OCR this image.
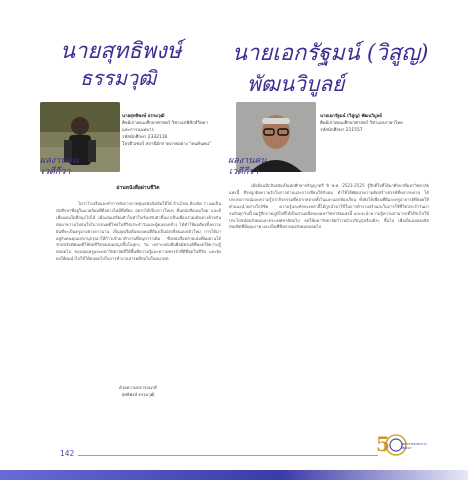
นายสุทธิพงษ์
ธรรมวุฒิ
ผลงานคน
เวดีกีวา
นายสุทธิพงษ์ ธรรมวุฒิ
ศิษย์เก่าคณะศึกษาศาสตร์ วิชาเอกฟิสิกส์วิทยา
และการนนทบาร
รหัสนักศึกษา 2332116
โปรดิวเซอร์ สถานีผักกาดภาคอย่าง "คนค้นคน"
ผ่านหนังสือผ่านชีวิต

ไม่ว่าโรงเรียนจะทำการพังการภาพทุนสนับนิลลิมให้ได้ ล้านไทน ต้องจัด ว่า ผมเป็นนักศึกษาที่อยู่ในแวดล้อมที่ดีอย่างไม่มีที่เทียบ อยากได้เรื่องราวใหม่ๆ คืนหนังสือเล่มใหม่ และมีเพื่อนคนใดที่สนุกไปได้ เมื่อเล่นเตรียมตัวในหัวใจเริ่มปรับตัวขึ้นมาเป็นเพื่อนร่วมเดินทางด้วยกัน ต่อมาความไม่สนใจในวรรณคดีไทยในชีวิตประจำวันและผู้คนรอบข้าง ได้ทำให้ผมต้องทิ้งความฝันที่จะเป็นครูมาอย่างยาวนาน เป็นจุดเริ่มต้นของคนที่ต้องเป็นนักเขียนแบบตัวใหม่ การได้มาอยู่กับคนคุณเลขานุกรุณาให้ก้าวเข้ามาทำงานที่สนุกกว่าเดิม ซึ่งหนังสือหลายเล่มที่ผมอ่านได้ช่วยปรับทัศนคติให้ต่อชีวิตของผมสนุกขึ้นในทุกๆ วัน เพราะหนังสือคือมิตรแท้ที่คอยให้ความรู้ตลอดไป ขอบคุณครูและมหาวิทยาลัยที่ให้พื้นที่ความรู้และความทรงจำที่ดีที่สุดในชีวิต และยังคงให้ผมนำไปใช้ได้ตลอดไปในการทำงานสารคดีต่อไปในอนาคต

ด้วยความปรารถนาดี
สุทธิพงษ์ ธรรมวุฒิ
นายเอกรัฐมน์ (วิสูญ)
พัฒนวิบูลย์
ผลงานคน
เวดีกีวา
นายเอกรัฐมน์ (วิสูญ) พัฒนวิบูลย์
ศิษย์เก่าคณะศึกษาศาสตร์ วิชาเอกภาษาไทย
รหัสนักศึกษา 211557

เมื่อย้อนนึกถึงสมัยเป็นนักศึกษาปริญญาตรี ปี พ.ศ. 2521-2525 รู้สึกดีใจที่ได้มาศึกษาที่มหาวิทยาลัยแห่งนี้ ซึ่งปลูกฝังความรักในการอ่านและการเขียนให้กับผม ทำให้ได้พัฒนาความคิดสร้างสรรค์ที่หลากหลาย ได้ประสบการณ์และความรู้จากกิจกรรมที่หลากหลายทั้งในและนอกห้องเรียน ทั้งยังได้เพื่อนที่ดีและครูอาจารย์ที่คอยให้คำแนะนำอย่างใกล้ชิด ความรู้และทักษะเหล่านี้ได้ถูกนำมาใช้ในการทำงานจริงและในการใช้ชีวิตประจำวันมาจนถึงทุกวันนี้ ผมรู้สึกภาคภูมิใจที่ได้เป็นส่วนหนึ่งของมหาวิทยาลัยแห่งนี้ และจะนำความรู้ความสามารถที่ได้รับไปใช้ประโยชน์ต่อสังคมและประเทศชาติต่อไป ขอให้มหาวิทยาลัยก้าวหน้าเจริญรุ่งเรืองยิ่งๆ ขึ้นไป เพื่อเป็นแหล่งผลิตบัณฑิตที่มีคุณภาพ และเป็นที่พึ่งพาของสังคมตลอดไป

142	5	ทศวรรษแห่งการพัฒนา
